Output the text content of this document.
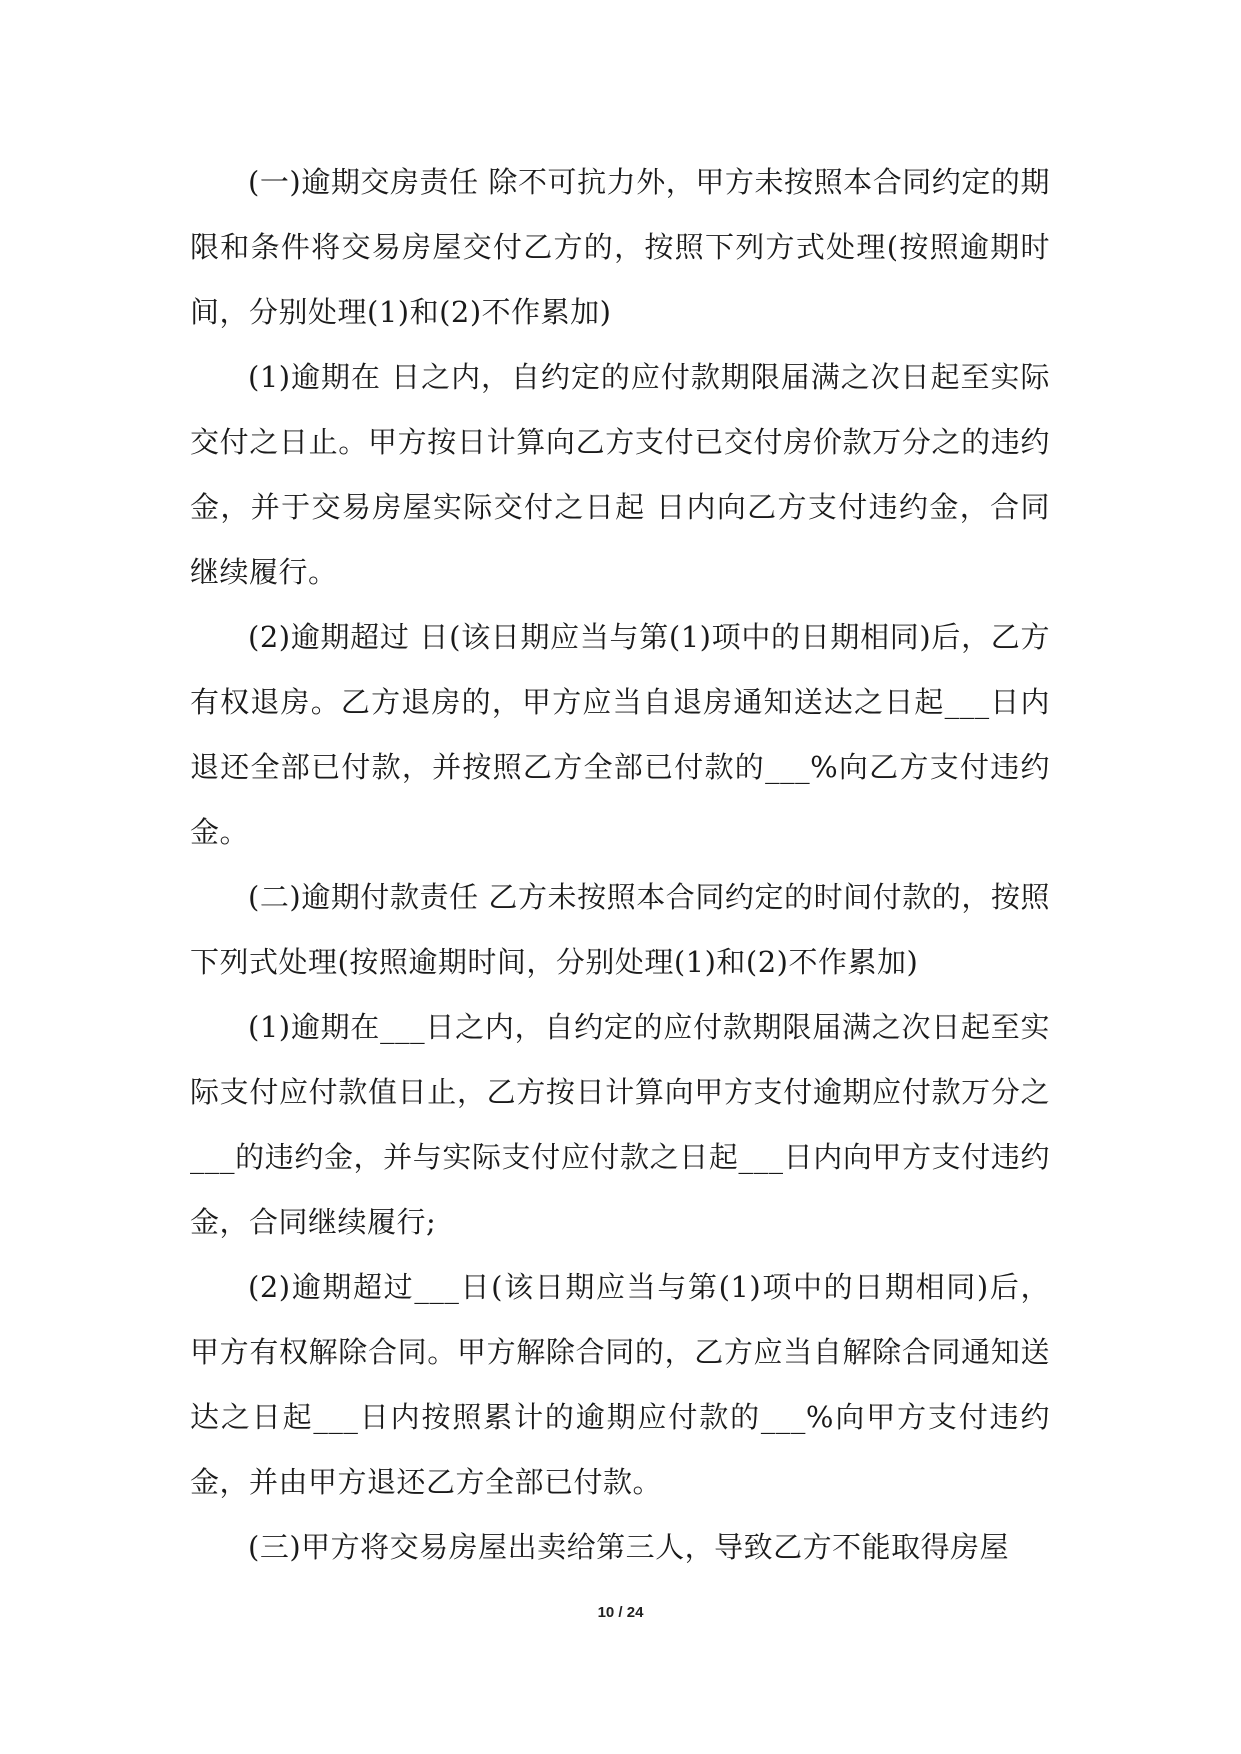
(一)逾期交房责任 除不可抗力外，甲方未按照本合同约定的期限和条件将交易房屋交付乙方的，按照下列方式处理(按照逾期时间，分别处理(1)和(2)不作累加)

(1)逾期在 日之内，自约定的应付款期限届满之次日起至实际交付之日止。甲方按日计算向乙方支付已交付房价款万分之的违约金，并于交易房屋实际交付之日起 日内向乙方支付违约金，合同继续履行。

(2)逾期超过 日(该日期应当与第(1)项中的日期相同)后，乙方有权退房。乙方退房的，甲方应当自退房通知送达之日起___日内退还全部已付款，并按照乙方全部已付款的___%向乙方支付违约金。

(二)逾期付款责任 乙方未按照本合同约定的时间付款的，按照下列式处理(按照逾期时间，分别处理(1)和(2)不作累加)

(1)逾期在___日之内，自约定的应付款期限届满之次日起至实际支付应付款值日止，乙方按日计算向甲方支付逾期应付款万分之___的违约金，并与实际支付应付款之日起___日内向甲方支付违约金，合同继续履行;

(2)逾期超过___日(该日期应当与第(1)项中的日期相同)后，甲方有权解除合同。甲方解除合同的，乙方应当自解除合同通知送达之日起___日内按照累计的逾期应付款的___%向甲方支付违约金，并由甲方退还乙方全部已付款。

(三)甲方将交易房屋出卖给第三人，导致乙方不能取得房屋

10 / 24
